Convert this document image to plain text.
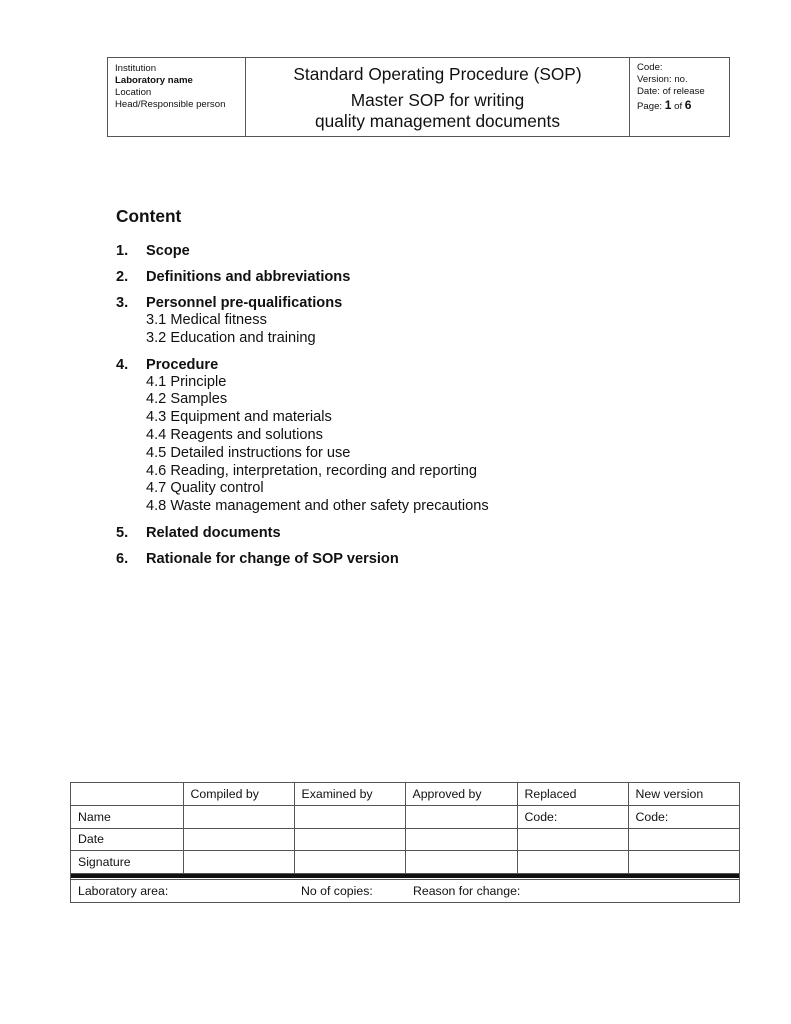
Institution
Laboratory name
Location
Head/Responsible person
Standard Operating Procedure (SOP)
Master SOP for writing
quality management documents
Code:
Version: no.
Date: of release
Page: 1 of 6
Content
1.	Scope
2.	Definitions and abbreviations
3.	Personnel pre-qualifications
3.1 Medical fitness
3.2 Education and training
4.	Procedure
4.1 Principle
4.2 Samples
4.3 Equipment and materials
4.4 Reagents and solutions
4.5 Detailed instructions for use
4.6 Reading, interpretation, recording and reporting
4.7 Quality control
4.8 Waste management and other safety precautions
5.	Related documents
6.	Rationale for change of SOP version
	Compiled by	Examined by	Approved by	Replaced	New version
Name				Code:	Code:
Date					
Signature					
Laboratory area:	No of copies:	Reason for change:
